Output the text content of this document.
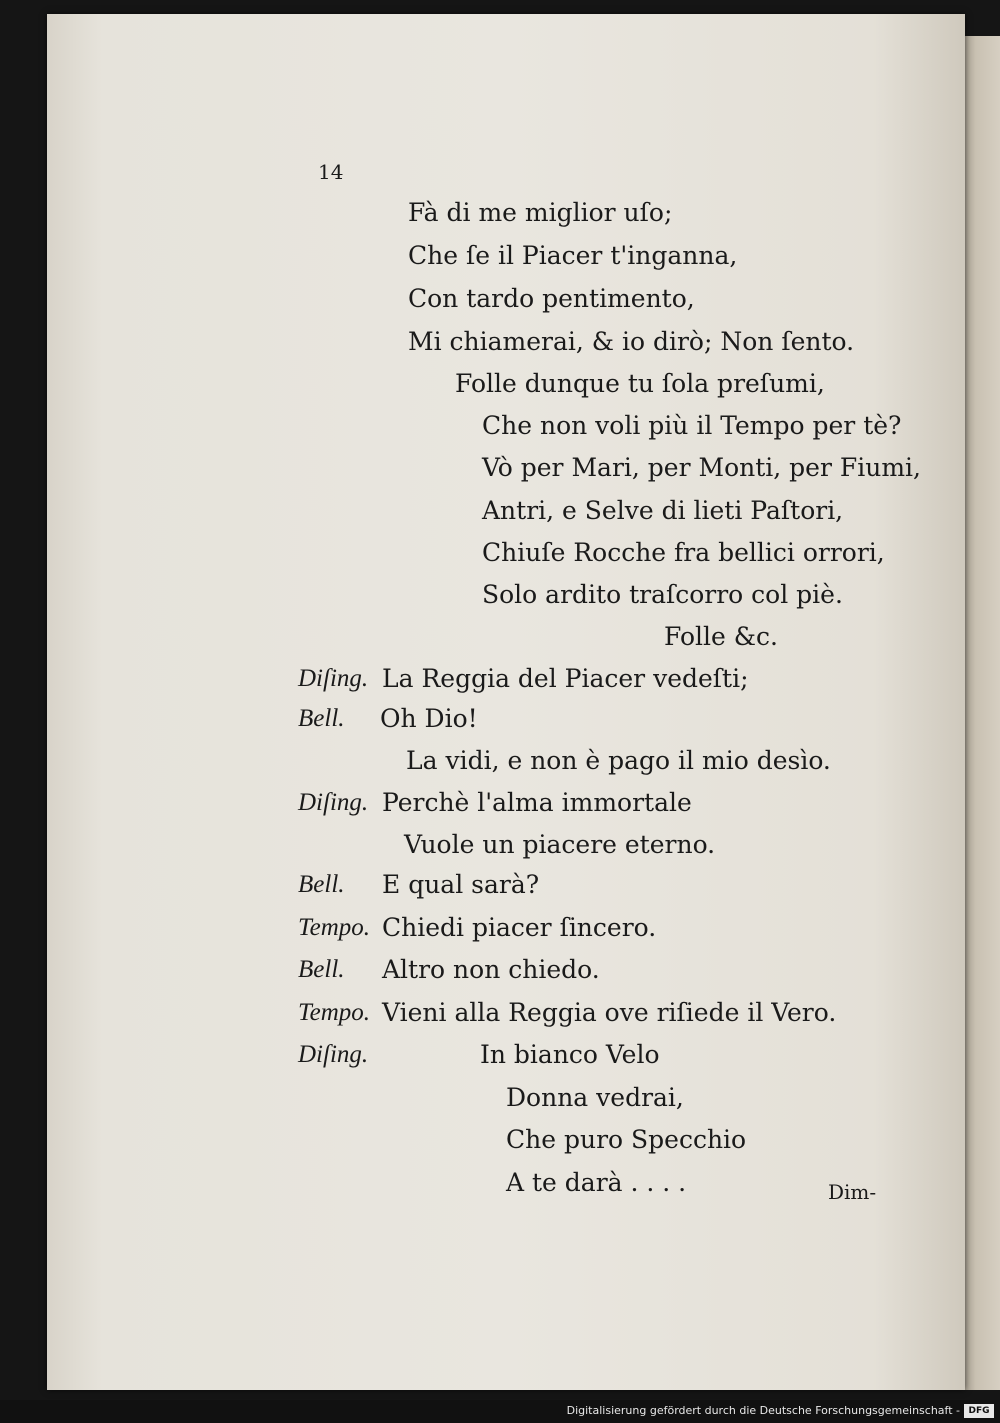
14
Fà di me miglior uſo;
Che ſe il Piacer t'inganna,
Con tardo pentimento,
Mi chiamerai, & io dirò; Non ſento.
Folle dunque tu ſola preſumi,
Che non voli più il Tempo per tè?
Vò per Mari, per Monti, per Fiumi,
Antri, e Selve di lieti Paſtori,
Chiuſe Rocche fra bellici orrori,
Solo ardito traſcorro col piè.
Folle &c.
Diſing. La Reggia del Piacer vedeſti;
Bell. Oh Dio!
La vidi, e non è pago il mio desìo.
Diſing. Perchè l'alma immortale
Vuole un piacere eterno.
Bell. E qual sarà?
Tempo. Chiedi piacer ſincero.
Bell. Altro non chiedo.
Tempo. Vieni alla Reggia ove riſiede il Vero.
Diſing.	In bianco Velo
Donna vedrai,
Che puro Specchio
A te darà . . . .	Dim-
Digitalisierung gefördert durch die Deutsche Forschungsgemeinschaft - DFG
